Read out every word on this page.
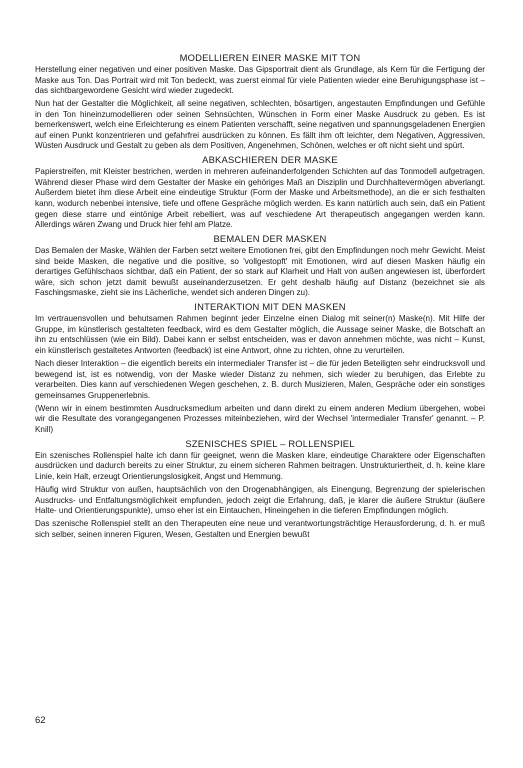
MODELLIEREN EINER MASKE MIT TON

Herstellung einer negativen und einer positiven Maske. Das Gipsportrait dient als Grundlage, als Kern für die Fertigung der Maske aus Ton. Das Portrait wird mit Ton bedeckt, was zuerst einmal für viele Patienten wieder eine Beruhigungsphase ist – das sichtbargewordene Gesicht wird wieder zugedeckt.

Nun hat der Gestalter die Möglichkeit, all seine negativen, schlechten, bösartigen, angestauten Empfindungen und Gefühle in den Ton hineinzumodellieren oder seinen Sehnsüchten, Wünschen in Form einer Maske Ausdruck zu geben. Es ist bemerkenswert, welch eine Erleichterung es einem Patienten verschafft, seine negativen und spannungsgeladenen Energien auf einen Punkt konzentrieren und gefahrfrei ausdrücken zu können. Es fällt ihm oft leichter, dem Negativen, Aggressiven, Wüsten Ausdruck und Gestalt zu geben als dem Positiven, Angenehmen, Schönen, welches er oft nicht sieht und spürt.

ABKASCHIEREN DER MASKE

Papierstreifen, mit Kleister bestrichen, werden in mehreren aufeinanderfolgenden Schichten auf das Tonmodell aufgetragen. Während dieser Phase wird dem Gestalter der Maske ein gehöriges Maß an Disziplin und Durchhaltevermögen abverlangt. Außerdem bietet ihm diese Arbeit eine eindeutige Struktur (Form der Maske und Arbeitsmethode), an die er sich festhalten kann, wodurch nebenbei intensive, tiefe und offene Gespräche möglich werden. Es kann natürlich auch sein, daß ein Patient gegen diese starre und eintönige Arbeit rebelliert, was auf veschiedene Art therapeutisch angegangen werden kann. Allerdings wären Zwang und Druck hier fehl am Platze.

BEMALEN DER MASKEN

Das Bemalen der Maske, Wählen der Farben setzt weitere Emotionen frei, gibt den Empfindungen noch mehr Gewicht. Meist sind beide Masken, die negative und die positive, so 'vollgestopft' mit Emotionen, wird auf diesen Masken häufig ein derartiges Gefühlschaos sichtbar, daß ein Patient, der so stark auf Klarheit und Halt von außen angewiesen ist, überfordert wäre, sich schon jetzt damit bewußt auseinanderzusetzen. Er geht deshalb häufig auf Distanz (bezeichnet sie als Faschingsmaske, zieht sie ins Lächerliche, wendet sich anderen Dingen zu).

INTERAKTION MIT DEN MASKEN

Im vertrauensvollen und behutsamen Rahmen beginnt jeder Einzelne einen Dialog mit seiner(n) Maske(n). Mit Hilfe der Gruppe, im künstlerisch gestalteten feedback, wird es dem Gestalter möglich, die Aussage seiner Maske, die Botschaft an ihn zu entschlüssen (wie ein Bild). Dabei kann er selbst entscheiden, was er davon annehmen möchte, was nicht – Kunst, ein künstlerisch gestaltetes Antworten (feedback) ist eine Antwort, ohne zu richten, ohne zu verurteilen.

Nach dieser Interaktion – die eigentlich bereits ein intermedialer Transfer ist – die für jeden Beteiligten sehr eindrucksvoll und bewegend ist, ist es notwendig, von der Maske wieder Distanz zu nehmen, sich wieder zu beruhigen, das Erlebte zu verarbeiten. Dies kann auf verschiedenen Wegen geschehen, z. B. durch Musizieren, Malen, Gespräche oder ein sonstiges gemeinsames Gruppenerlebnis.

(Wenn wir in einem bestimmten Ausdrucksmedium arbeiten und dann direkt zu einem anderen Medium übergehen, wobei wir die Resultate des vorangegangenen Prozesses miteinbeziehen, wird der Wechsel 'intermedialer Transfer' genannt. – P. Knill)

SZENISCHES SPIEL – ROLLENSPIEL

Ein szenisches Rollenspiel halte ich dann für geeignet, wenn die Masken klare, eindeutige Charaktere oder Eigenschaften ausdrücken und dadurch bereits zu einer Struktur, zu einem sicheren Rahmen beitragen. Unstrukturiertheit, d. h. keine klare Linie, kein Halt, erzeugt Orientierungslosigkeit, Angst und Hemmung.

Häufig wird Struktur von außen, hauptsächlich von den Drogenabhängigen, als Einengung, Begrenzung der spielerischen Ausdrucks- und Entfaltungsmöglichkeit empfunden, jedoch zeigt die Erfahrung, daß, je klarer die äußere Struktur (äußere Halte- und Orientierungspunkte), umso eher ist ein Eintauchen, Hineingehen in die tieferen Empfindungen möglich.

Das szenische Rollenspiel stellt an den Therapeuten eine neue und verantwortungsträchtige Herausforderung, d. h. er muß sich selber, seinen inneren Figuren, Wesen, Gestalten und Energien bewußt

62
